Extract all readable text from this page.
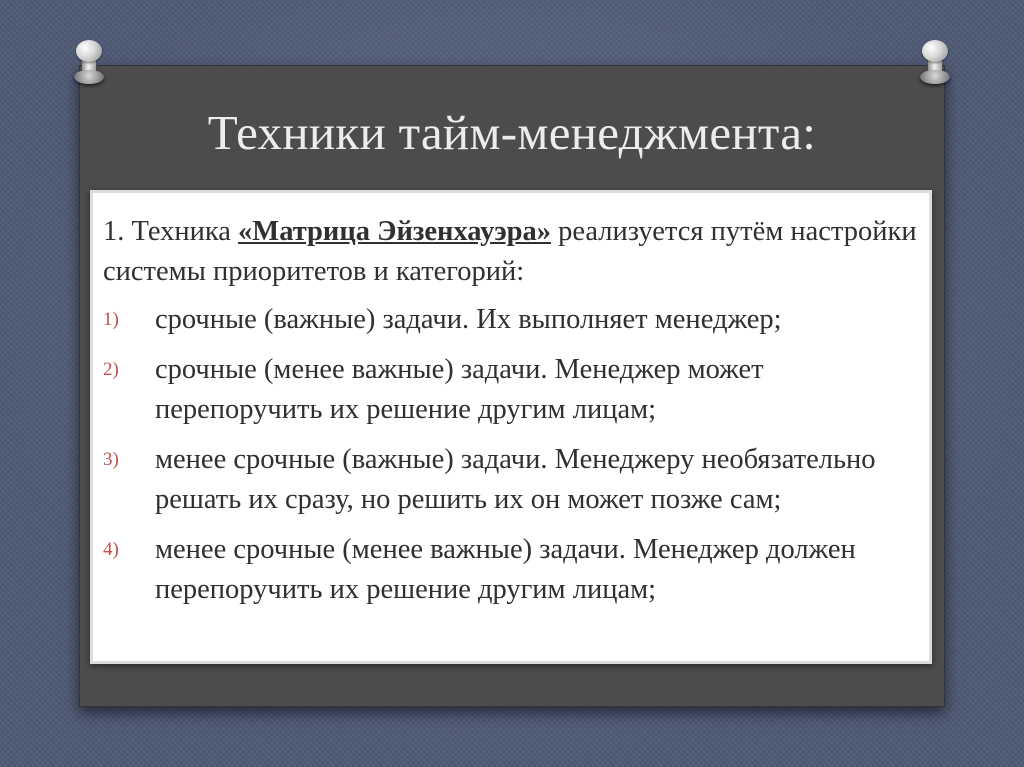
Техники тайм-менеджмента:

1. Техника «Матрица Эйзенхауэра» реализуется путём настройки системы приоритетов и категорий:

1)	срочные (важные) задачи. Их выполняет менеджер;
2)	срочные (менее важные) задачи. Менеджер может перепоручить их решение другим лицам;
3)	менее срочные (важные) задачи. Менеджеру необязательно решать их сразу, но решить их он может позже сам;
4)	менее срочные (менее важные) задачи. Менеджер должен перепоручить их решение другим лицам;
